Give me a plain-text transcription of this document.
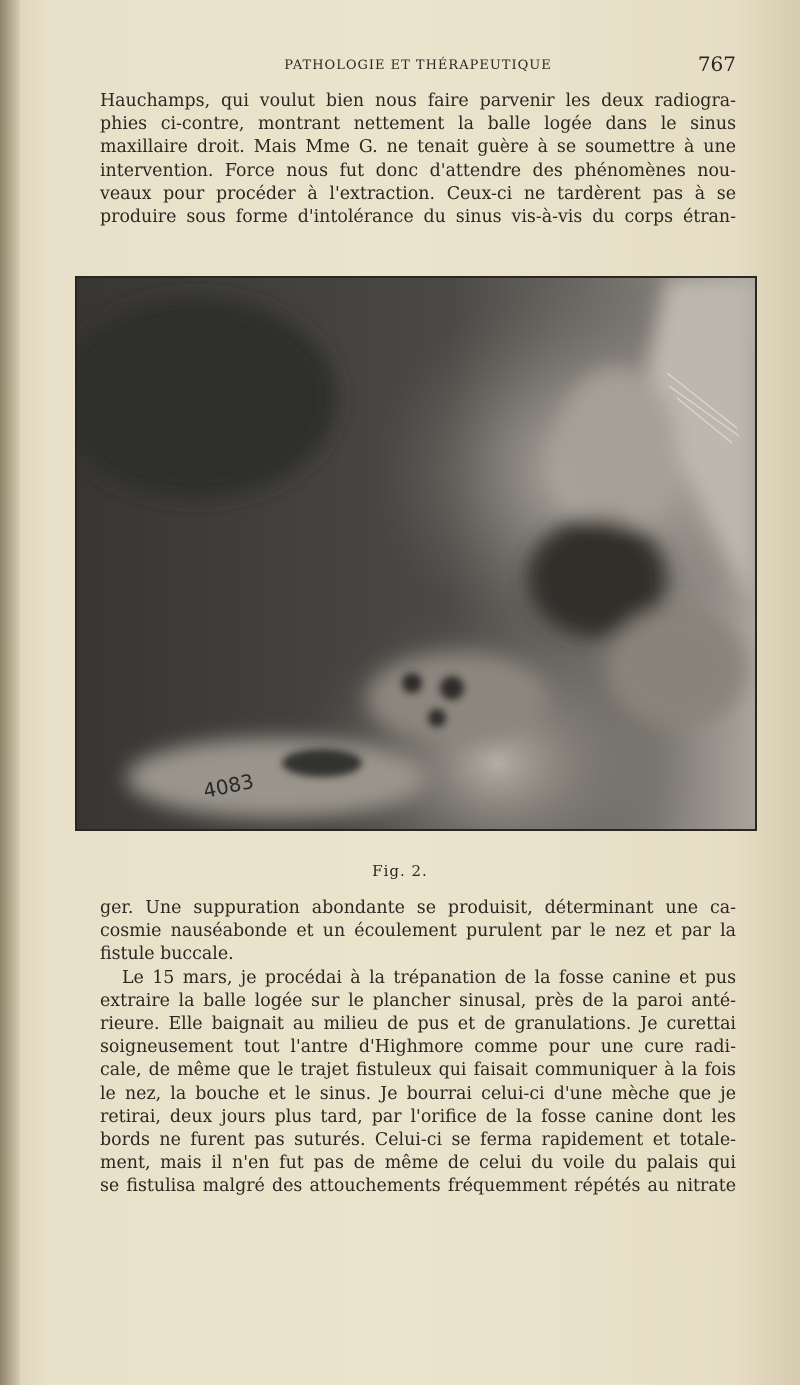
PATHOLOGIE ET THÉRAPEUTIQUE	767
Hauchamps, qui voulut bien nous faire parvenir les deux radiogra-
phies ci-contre, montrant nettement la balle logée dans le sinus
maxillaire droit. Mais Mme G. ne tenait guère à se soumettre à une
intervention. Force nous fut donc d'attendre des phénomènes nou-
veaux pour procéder à l'extraction. Ceux-ci ne tardèrent pas à se
produire sous forme d'intolérance du sinus vis-à-vis du corps étran-
4083
Fig. 2.
ger. Une suppuration abondante se produisit, déterminant une ca-
cosmie nauséabonde et un écoulement purulent par le nez et par la
fistule buccale.
Le 15 mars, je procédai à la trépanation de la fosse canine et pus
extraire la balle logée sur le plancher sinusal, près de la paroi anté-
rieure. Elle baignait au milieu de pus et de granulations. Je curettai
soigneusement tout l'antre d'Highmore comme pour une cure radi-
cale, de même que le trajet fistuleux qui faisait communiquer à la fois
le nez, la bouche et le sinus. Je bourrai celui-ci d'une mèche que je
retirai, deux jours plus tard, par l'orifice de la fosse canine dont les
bords ne furent pas suturés. Celui-ci se ferma rapidement et totale-
ment, mais il n'en fut pas de même de celui du voile du palais qui
se fistulisa malgré des attouchements fréquemment répétés au nitrate
